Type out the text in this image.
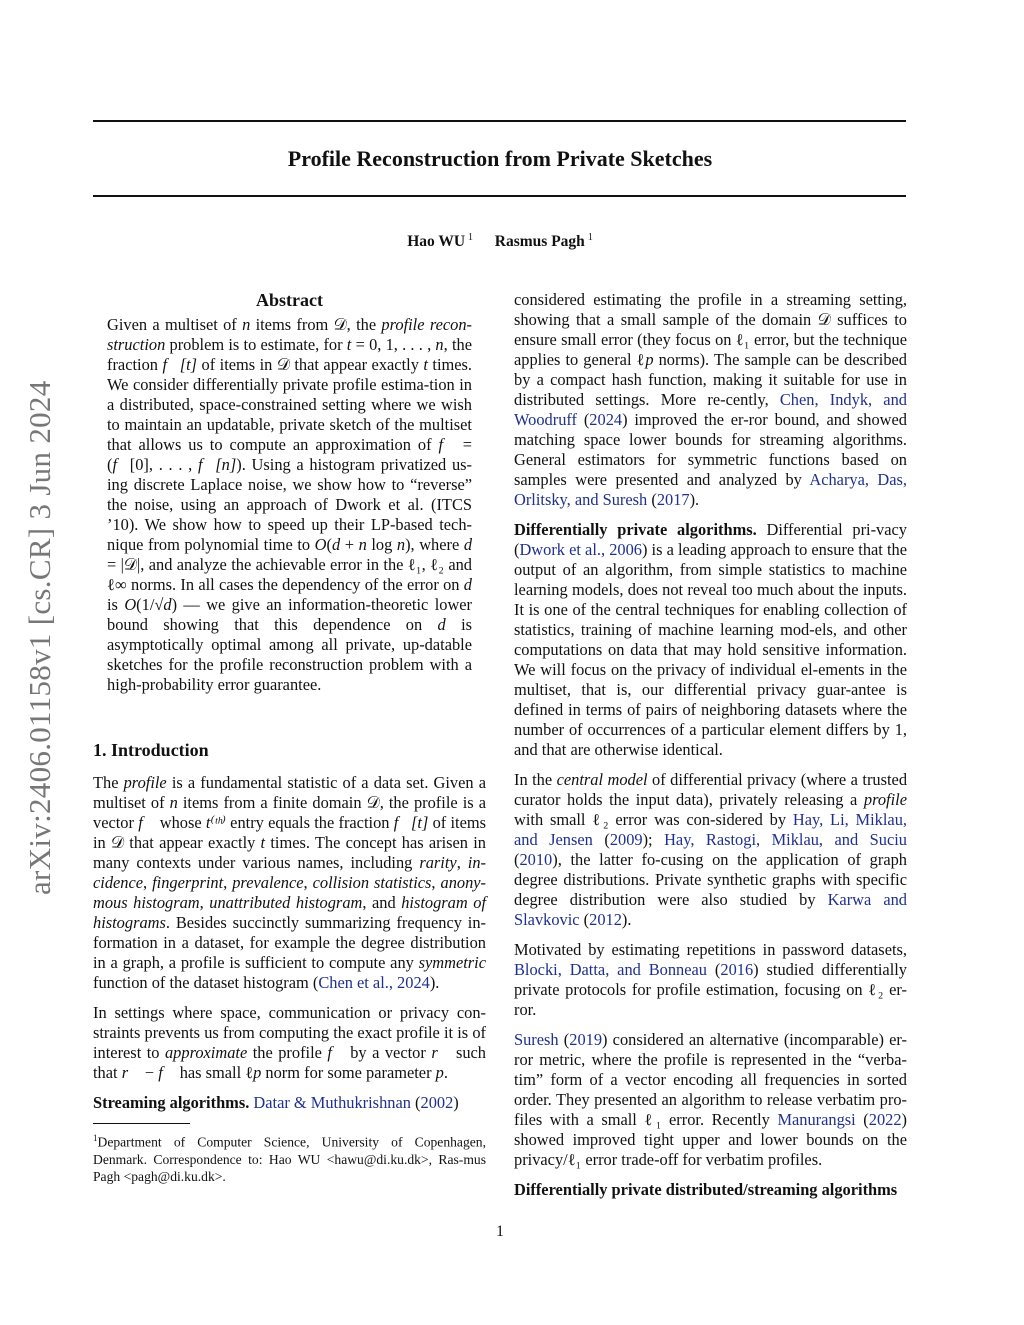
arXiv:2406.01158v1 [cs.CR] 3 Jun 2024
Profile Reconstruction from Private Sketches
Hao WU $^1$ Rasmus Pagh $^1$
Abstract

Given a multiset of n items from 𝒟, the profile recon-struction problem is to estimate, for t = 0, 1, . . . , n, the fraction f⃗[t] of items in 𝒟 that appear exactly t times. We consider differentially private profile estima-tion in a distributed, space-constrained setting where we wish to maintain an updatable, private sketch of the multiset that allows us to compute an approximation of f⃗ = (f⃗[0], . . . , f⃗[n]). Using a histogram privatized us-ing discrete Laplace noise, we show how to “reverse” the noise, using an approach of Dwork et al. (ITCS ’10). We show how to speed up their LP-based tech-nique from polynomial time to O(d + n log n), where d = |𝒟|, and analyze the achievable error in the ℓ₁, ℓ₂ and ℓ∞ norms. In all cases the dependency of the error on d is O(1/√d) — we give an information-theoretic lower bound showing that this dependence on d is asymptotically optimal among all private, up-datable sketches for the profile reconstruction problem with a high-probability error guarantee.

1. Introduction

The profile is a fundamental statistic of a data set. Given a multiset of n items from a finite domain 𝒟, the profile is a vector f⃗ whose t⁽ᵗʰ⁾ entry equals the fraction f⃗[t] of items in 𝒟 that appear exactly t times. The concept has arisen in many contexts under various names, including rarity, in-cidence, fingerprint, prevalence, collision statistics, anony-mous histogram, unattributed histogram, and histogram of histograms. Besides succinctly summarizing frequency in-formation in a dataset, for example the degree distribution in a graph, a profile is sufficient to compute any symmetric function of the dataset histogram (Chen et al., 2024).

In settings where space, communication or privacy con-straints prevents us from computing the exact profile it is of interest to approximate the profile f⃗ by a vector r⃗ such that r⃗ − f⃗ has small ℓp norm for some parameter p.

Streaming algorithms. Datar & Muthukrishnan (2002)

$^1$Department of Computer Science, University of Copenhagen, Denmark. Correspondence to: Hao WU <hawu@di.ku.dk>, Ras-mus Pagh <pagh@di.ku.dk>.

considered estimating the profile in a streaming setting, showing that a small sample of the domain 𝒟 suffices to ensure small error (they focus on ℓ₁ error, but the technique applies to general ℓp norms). The sample can be described by a compact hash function, making it suitable for use in distributed settings. More re-cently, Chen, Indyk, and Woodruff (2024) improved the er-ror bound, and showed matching space lower bounds for streaming algorithms. General estimators for symmetric functions based on samples were presented and analyzed by Acharya, Das, Orlitsky, and Suresh (2017).

Differentially private algorithms. Differential pri-vacy (Dwork et al., 2006) is a leading approach to ensure that the output of an algorithm, from simple statistics to machine learning models, does not reveal too much about the inputs. It is one of the central techniques for enabling collection of statistics, training of machine learning mod-els, and other computations on data that may hold sensitive information. We will focus on the privacy of individual el-ements in the multiset, that is, our differential privacy guar-antee is defined in terms of pairs of neighboring datasets where the number of occurrences of a particular element differs by 1, and that are otherwise identical.

In the central model of differential privacy (where a trusted curator holds the input data), privately releasing a profile with small ℓ₂ error was con-sidered by Hay, Li, Miklau, and Jensen (2009); Hay, Rastogi, Miklau, and Suciu (2010), the latter fo-cusing on the application of graph degree distributions. Private synthetic graphs with specific degree distribution were also studied by Karwa and Slavkovic (2012).

Motivated by estimating repetitions in password datasets, Blocki, Datta, and Bonneau (2016) studied differentially private protocols for profile estimation, focusing on ℓ₂ er-ror.

Suresh (2019) considered an alternative (incomparable) er-ror metric, where the profile is represented in the “verba-tim” form of a vector encoding all frequencies in sorted order. They presented an algorithm to release verbatim pro-files with a small ℓ₁ error. Recently Manurangsi (2022) showed improved tight upper and lower bounds on the privacy/ℓ₁ error trade-off for verbatim profiles.

Differentially private distributed/streaming algorithms

1
